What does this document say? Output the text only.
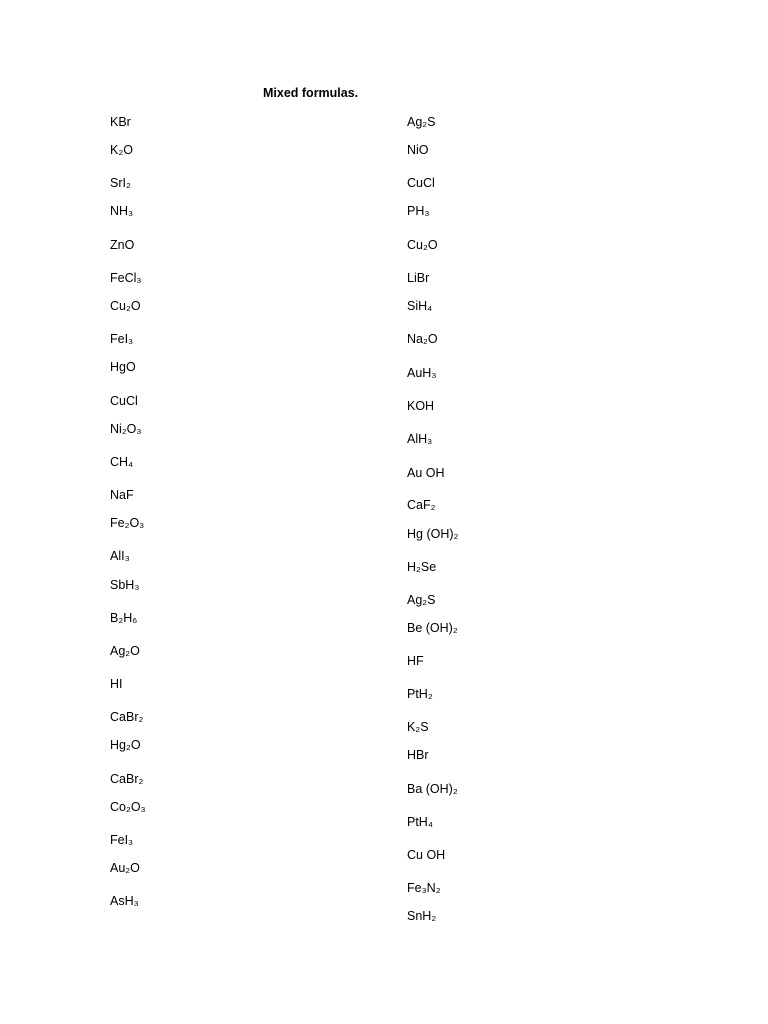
Mixed formulas.
KBr
K₂O
SrI₂
NH₃
ZnO
FeCl₃
Cu₂O
FeI₃
HgO
CuCl
Ni₂O₃
CH₄
NaF
Fe₂O₃
AlI₃
SbH₃
B₂H₆
Ag₂O
HI
CaBr₂
Hg₂O
CaBr₂
Co₂O₃
FeI₃
Au₂O
AsH₃
Ag₂S
NiO
CuCl
PH₃
Cu₂O
LiBr
SiH₄
Na₂O
AuH₃
KOH
AlH₃
Au OH
CaF₂
Hg (OH)₂
H₂Se
Ag₂S
Be (OH)₂
HF
PtH₂
K₂S
HBr
Ba (OH)₂
PtH₄
Cu OH
Fe₃N₂
SnH₂
